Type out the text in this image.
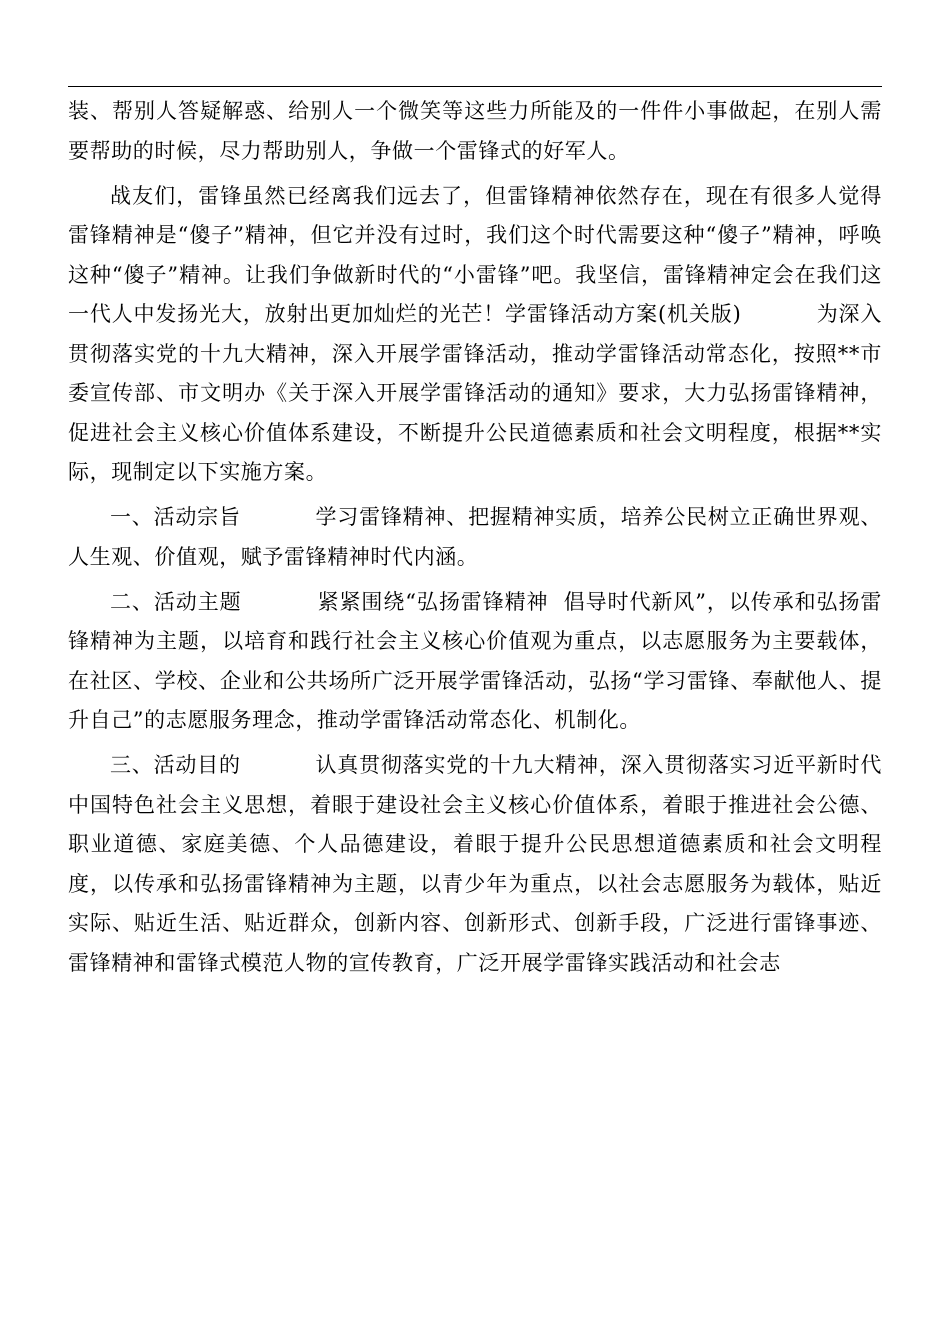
装、帮别人答疑解惑、给别人一个微笑等这些力所能及的一件件小事做起，在别人需要帮助的时候，尽力帮助别人，争做一个雷锋式的好军人。

战友们，雷锋虽然已经离我们远去了，但雷锋精神依然存在，现在有很多人觉得雷锋精神是“傻子”精神，但它并没有过时，我们这个时代需要这种“傻子”精神，呼唤这种“傻子”精神。让我们争做新时代的“小雷锋”吧。我坚信，雷锋精神定会在我们这一代人中发扬光大，放射出更加灿烂的光芒！学雷锋活动方案(机关版)          为深入贯彻落实党的十九大精神，深入开展学雷锋活动，推动学雷锋活动常态化，按照**市委宣传部、市文明办《关于深入开展学雷锋活动的通知》要求，大力弘扬雷锋精神，促进社会主义核心价值体系建设，不断提升公民道德素质和社会文明程度，根据**实际，现制定以下实施方案。

一、活动宗旨          学习雷锋精神、把握精神实质，培养公民树立正确世界观、人生观、价值观，赋予雷锋精神时代内涵。

二、活动主题          紧紧围绕“弘扬雷锋精神  倡导时代新风”，以传承和弘扬雷锋精神为主题，以培育和践行社会主义核心价值观为重点，以志愿服务为主要载体，在社区、学校、企业和公共场所广泛开展学雷锋活动，弘扬“学习雷锋、奉献他人、提升自己”的志愿服务理念，推动学雷锋活动常态化、机制化。

三、活动目的          认真贯彻落实党的十九大精神，深入贯彻落实习近平新时代中国特色社会主义思想，着眼于建设社会主义核心价值体系，着眼于推进社会公德、职业道德、家庭美德、个人品德建设，着眼于提升公民思想道德素质和社会文明程度，以传承和弘扬雷锋精神为主题，以青少年为重点，以社会志愿服务为载体，贴近实际、贴近生活、贴近群众，创新内容、创新形式、创新手段，广泛进行雷锋事迹、雷锋精神和雷锋式模范人物的宣传教育，广泛开展学雷锋实践活动和社会志
